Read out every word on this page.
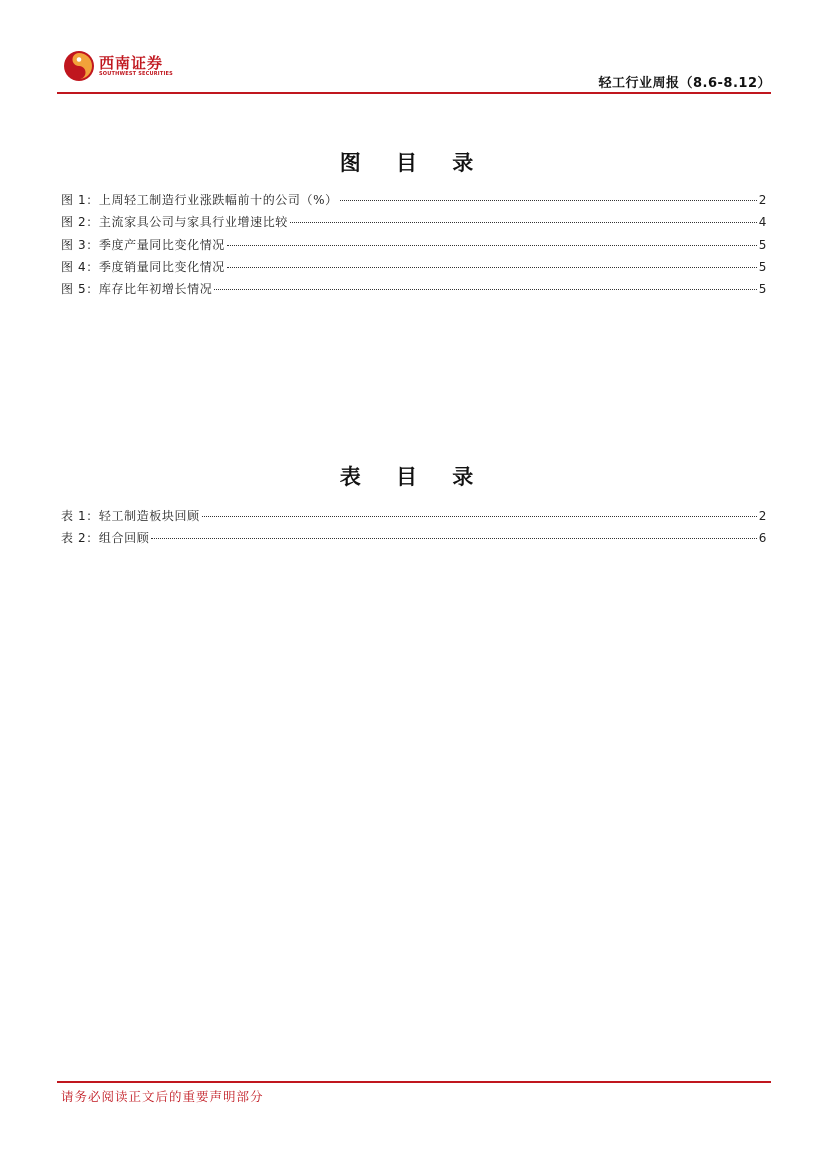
西南证券
SOUTHWEST SECURITIES
轻工行业周报（8.6-8.12）
图 目 录
图 1：上周轻工制造行业涨跌幅前十的公司（%）	2
图 2：主流家具公司与家具行业增速比较	4
图 3：季度产量同比变化情况	5
图 4：季度销量同比变化情况	5
图 5：库存比年初增长情况	5
表 目 录
表 1：轻工制造板块回顾	2
表 2：组合回顾	6
请务必阅读正文后的重要声明部分
